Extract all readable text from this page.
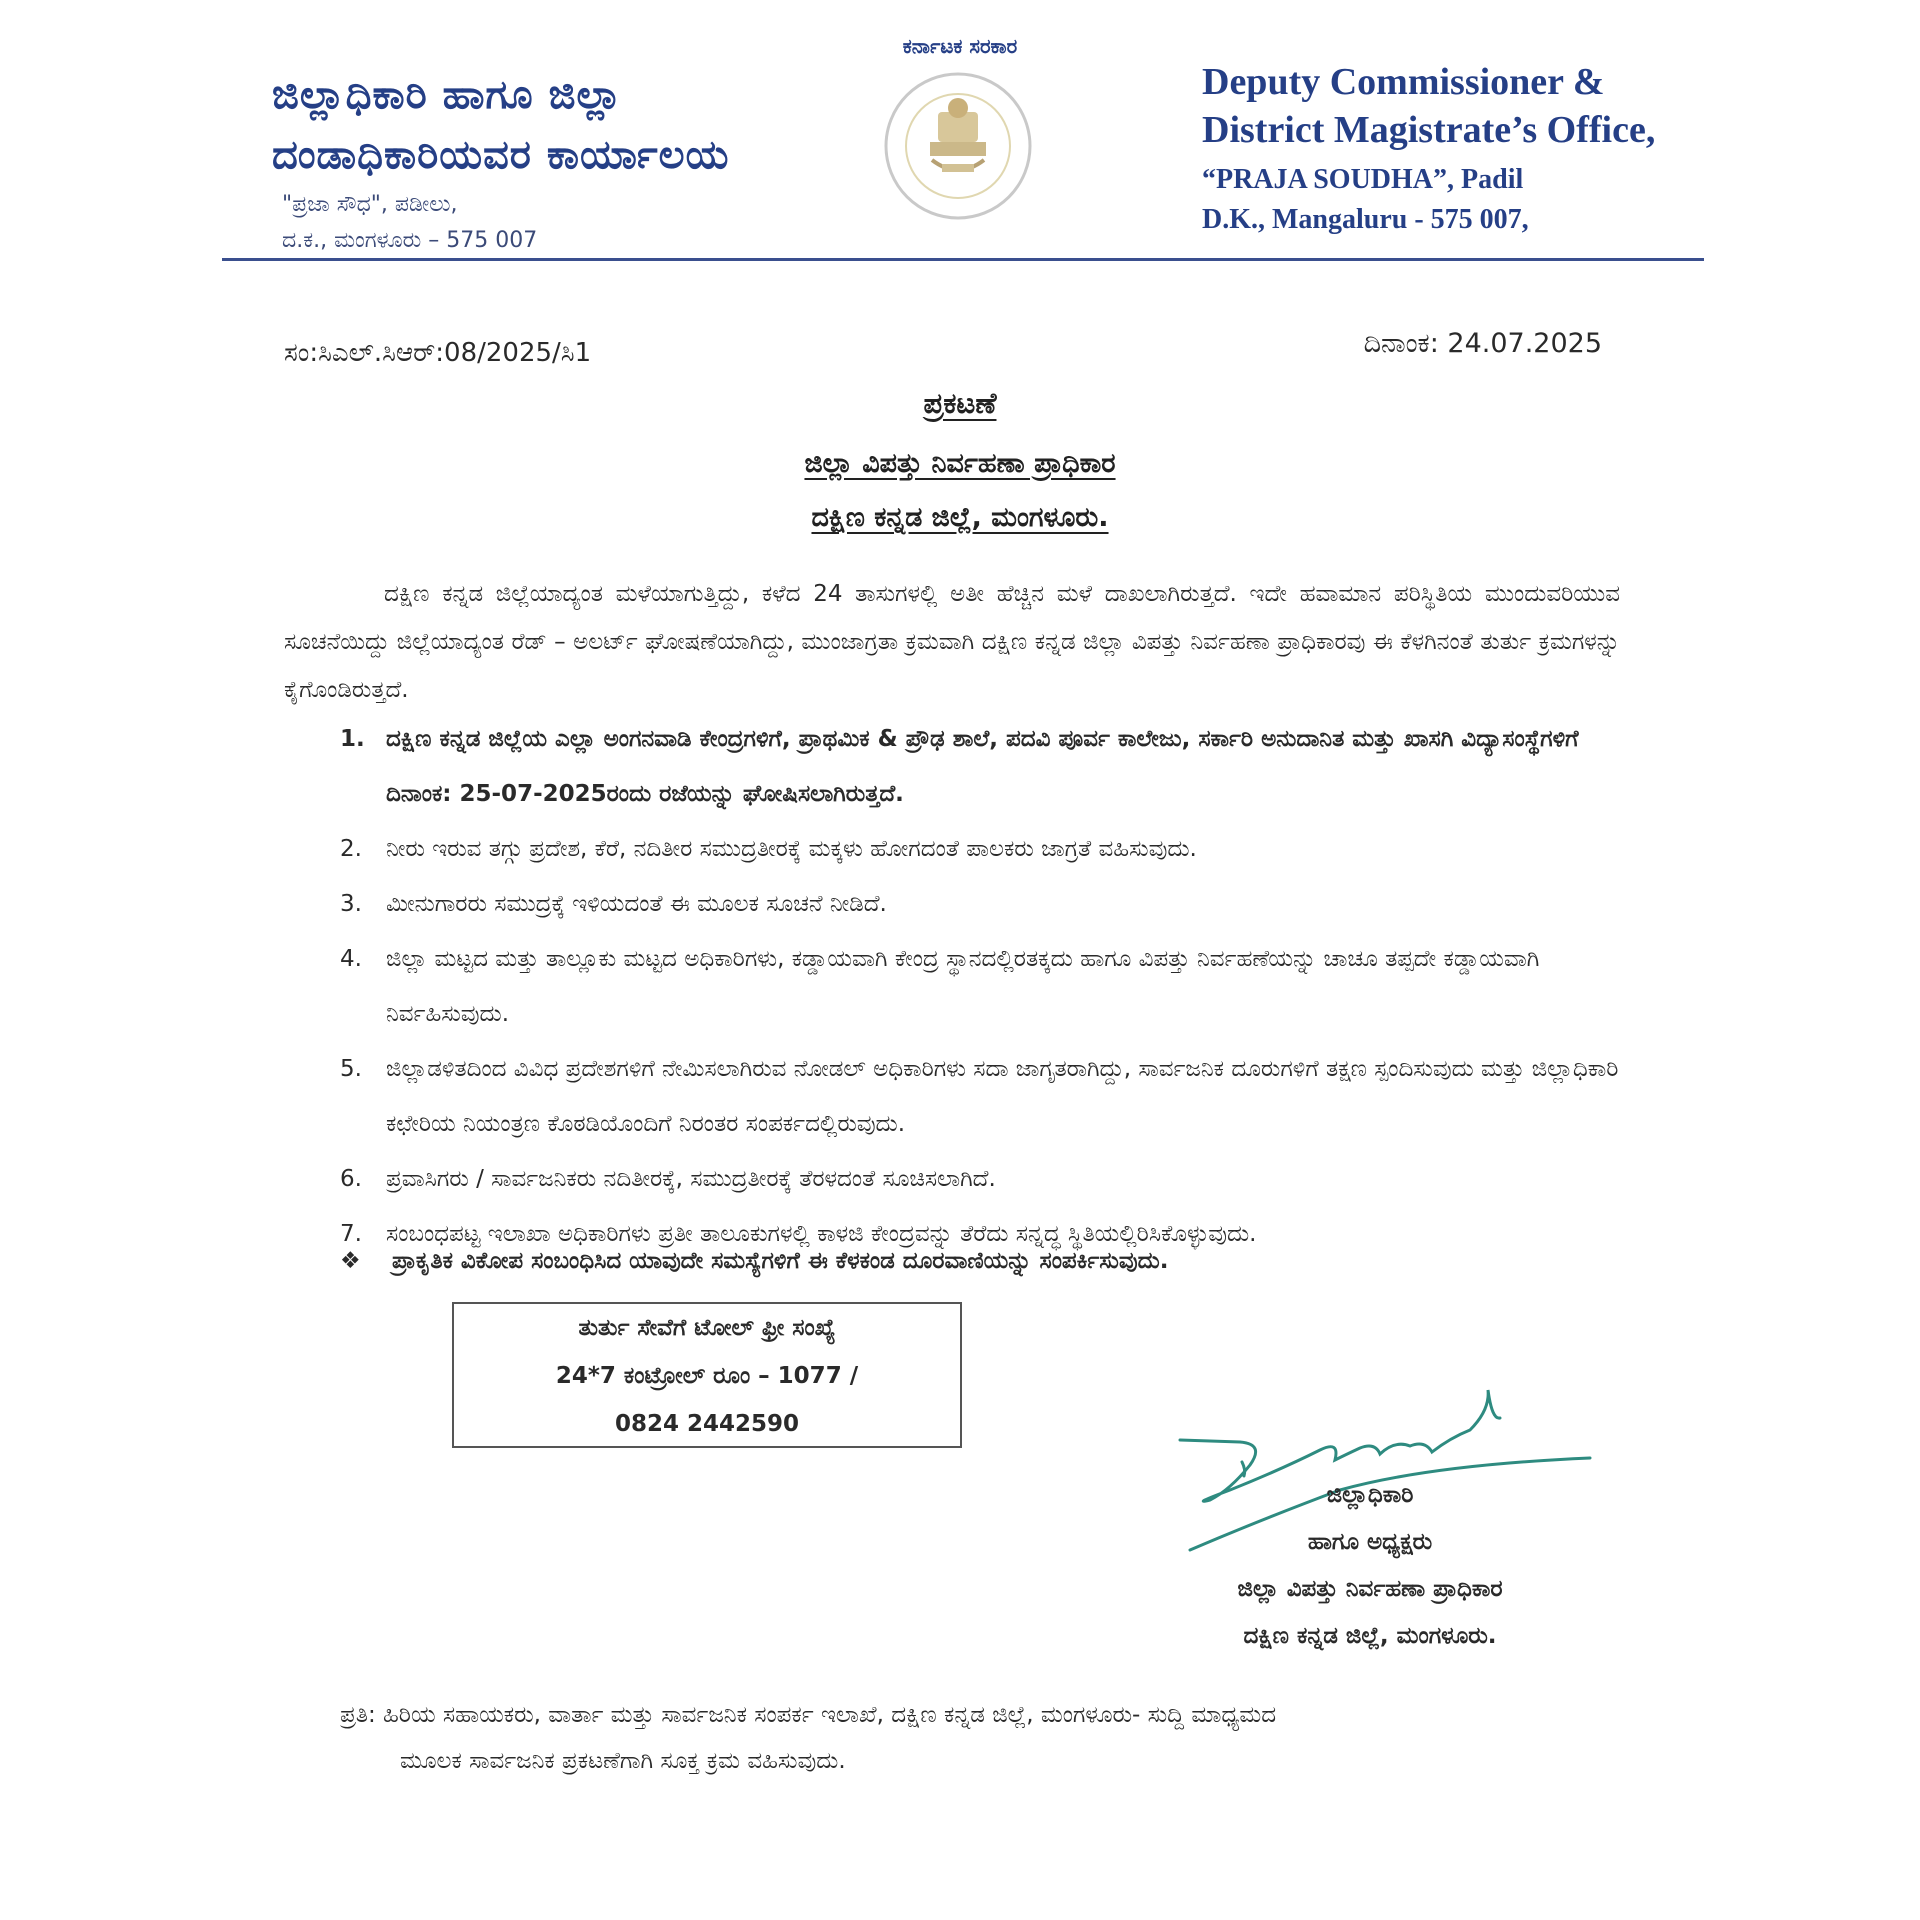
ಜಿಲ್ಲಾಧಿಕಾರಿ ಹಾಗೂ ಜಿಲ್ಲಾ
ದಂಡಾಧಿಕಾರಿಯವರ ಕಾರ್ಯಾಲಯ
"ಪ್ರಜಾ ಸೌಧ", ಪಡೀಲು,
ದ.ಕ., ಮಂಗಳೂರು – 575 007
ಕರ್ನಾಟಕ ಸರಕಾರ
Deputy Commissioner &
District Magistrate’s Office,
“PRAJA SOUDHA”, Padil
D.K., Mangaluru - 575 007,
ಸಂ:ಸಿಎಲ್.ಸಿಆರ್:08/2025/ಸಿ1	ದಿನಾಂಕ: 24.07.2025
ಪ್ರಕಟಣೆ
ಜಿಲ್ಲಾ ವಿಪತ್ತು ನಿರ್ವಹಣಾ ಪ್ರಾಧಿಕಾರ
ದಕ್ಷಿಣ ಕನ್ನಡ ಜಿಲ್ಲೆ, ಮಂಗಳೂರು.
ದಕ್ಷಿಣ ಕನ್ನಡ ಜಿಲ್ಲೆಯಾದ್ಯಂತ ಮಳೆಯಾಗುತ್ತಿದ್ದು, ಕಳೆದ 24 ತಾಸುಗಳಲ್ಲಿ ಅತೀ ಹೆಚ್ಚಿನ ಮಳೆ ದಾಖಲಾಗಿರುತ್ತದೆ. ಇದೇ ಹವಾಮಾನ ಪರಿಸ್ಥಿತಿಯ ಮುಂದುವರಿಯುವ ಸೂಚನೆಯಿದ್ದು ಜಿಲ್ಲೆಯಾದ್ಯಂತ ರೆಡ್ – ಅಲರ್ಟ್ ಘೋಷಣೆಯಾಗಿದ್ದು, ಮುಂಜಾಗ್ರತಾ ಕ್ರಮವಾಗಿ ದಕ್ಷಿಣ ಕನ್ನಡ ಜಿಲ್ಲಾ ವಿಪತ್ತು ನಿರ್ವಹಣಾ ಪ್ರಾಧಿಕಾರವು ಈ ಕೆಳಗಿನಂತೆ ತುರ್ತು ಕ್ರಮಗಳನ್ನು ಕೈಗೊಂಡಿರುತ್ತದೆ.
1. ದಕ್ಷಿಣ ಕನ್ನಡ ಜಿಲ್ಲೆಯ ಎಲ್ಲಾ ಅಂಗನವಾಡಿ ಕೇಂದ್ರಗಳಿಗೆ, ಪ್ರಾಥಮಿಕ & ಪ್ರೌಢ ಶಾಲೆ, ಪದವಿ ಪೂರ್ವ ಕಾಲೇಜು, ಸರ್ಕಾರಿ ಅನುದಾನಿತ ಮತ್ತು ಖಾಸಗಿ ವಿದ್ಯಾಸಂಸ್ಥೆಗಳಿಗೆ ದಿನಾಂಕ: 25-07-2025ರಂದು ರಜೆಯನ್ನು ಘೋಷಿಸಲಾಗಿರುತ್ತದೆ.
2.	ನೀರು ಇರುವ ತಗ್ಗು ಪ್ರದೇಶ, ಕೆರೆ, ನದಿತೀರ ಸಮುದ್ರತೀರಕ್ಕೆ ಮಕ್ಕಳು ಹೋಗದಂತೆ ಪಾಲಕರು ಜಾಗ್ರತೆ ವಹಿಸುವುದು.
3.	ಮೀನುಗಾರರು ಸಮುದ್ರಕ್ಕೆ ಇಳಿಯದಂತೆ ಈ ಮೂಲಕ ಸೂಚನೆ ನೀಡಿದೆ.
4.	ಜಿಲ್ಲಾ ಮಟ್ಟದ ಮತ್ತು ತಾಲ್ಲೂಕು ಮಟ್ಟದ ಅಧಿಕಾರಿಗಳು, ಕಡ್ಡಾಯವಾಗಿ ಕೇಂದ್ರ ಸ್ಥಾನದಲ್ಲಿರತಕ್ಕದು ಹಾಗೂ ವಿಪತ್ತು ನಿರ್ವಹಣೆಯನ್ನು ಚಾಚೂ ತಪ್ಪದೇ ಕಡ್ಡಾಯವಾಗಿ ನಿರ್ವಹಿಸುವುದು.
5.	ಜಿಲ್ಲಾಡಳಿತದಿಂದ ವಿವಿಧ ಪ್ರದೇಶಗಳಿಗೆ ನೇಮಿಸಲಾಗಿರುವ ನೋಡಲ್ ಅಧಿಕಾರಿಗಳು ಸದಾ ಜಾಗೃತರಾಗಿದ್ದು, ಸಾರ್ವಜನಿಕ ದೂರುಗಳಿಗೆ ತಕ್ಷಣ ಸ್ಪಂದಿಸುವುದು ಮತ್ತು ಜಿಲ್ಲಾಧಿಕಾರಿ ಕಛೇರಿಯ ನಿಯಂತ್ರಣ ಕೊಠಡಿಯೊಂದಿಗೆ ನಿರಂತರ ಸಂಪರ್ಕದಲ್ಲಿರುವುದು.
6.	ಪ್ರವಾಸಿಗರು / ಸಾರ್ವಜನಿಕರು ನದಿತೀರಕ್ಕೆ, ಸಮುದ್ರತೀರಕ್ಕೆ ತೆರಳದಂತೆ ಸೂಚಿಸಲಾಗಿದೆ.
7.	ಸಂಬಂಧಪಟ್ಟ ಇಲಾಖಾ ಅಧಿಕಾರಿಗಳು ಪ್ರತೀ ತಾಲೂಕುಗಳಲ್ಲಿ ಕಾಳಜಿ ಕೇಂದ್ರವನ್ನು ತೆರೆದು ಸನ್ನದ್ಧ ಸ್ಥಿತಿಯಲ್ಲಿರಿಸಿಕೊಳ್ಳುವುದು.
❖ ಪ್ರಾಕೃತಿಕ ವಿಕೋಪ ಸಂಬಂಧಿಸಿದ ಯಾವುದೇ ಸಮಸ್ಯೆಗಳಿಗೆ ಈ ಕೆಳಕಂಡ ದೂರವಾಣಿಯನ್ನು ಸಂಪರ್ಕಿಸುವುದು.
ತುರ್ತು ಸೇವೆಗೆ ಟೋಲ್ ಫ್ರೀ ಸಂಖ್ಯೆ
24*7 ಕಂಟ್ರೋಲ್ ರೂಂ – 1077 /
0824 2442590
ಜಿಲ್ಲಾಧಿಕಾರಿ
ಹಾಗೂ ಅಧ್ಯಕ್ಷರು
ಜಿಲ್ಲಾ ವಿಪತ್ತು ನಿರ್ವಹಣಾ ಪ್ರಾಧಿಕಾರ
ದಕ್ಷಿಣ ಕನ್ನಡ ಜಿಲ್ಲೆ, ಮಂಗಳೂರು.
ಪ್ರತಿ: ಹಿರಿಯ ಸಹಾಯಕರು, ವಾರ್ತಾ ಮತ್ತು ಸಾರ್ವಜನಿಕ ಸಂಪರ್ಕ ಇಲಾಖೆ, ದಕ್ಷಿಣ ಕನ್ನಡ ಜಿಲ್ಲೆ, ಮಂಗಳೂರು- ಸುದ್ದಿ ಮಾಧ್ಯಮದ
ಮೂಲಕ ಸಾರ್ವಜನಿಕ ಪ್ರಕಟಣೆಗಾಗಿ ಸೂಕ್ತ ಕ್ರಮ ವಹಿಸುವುದು.
